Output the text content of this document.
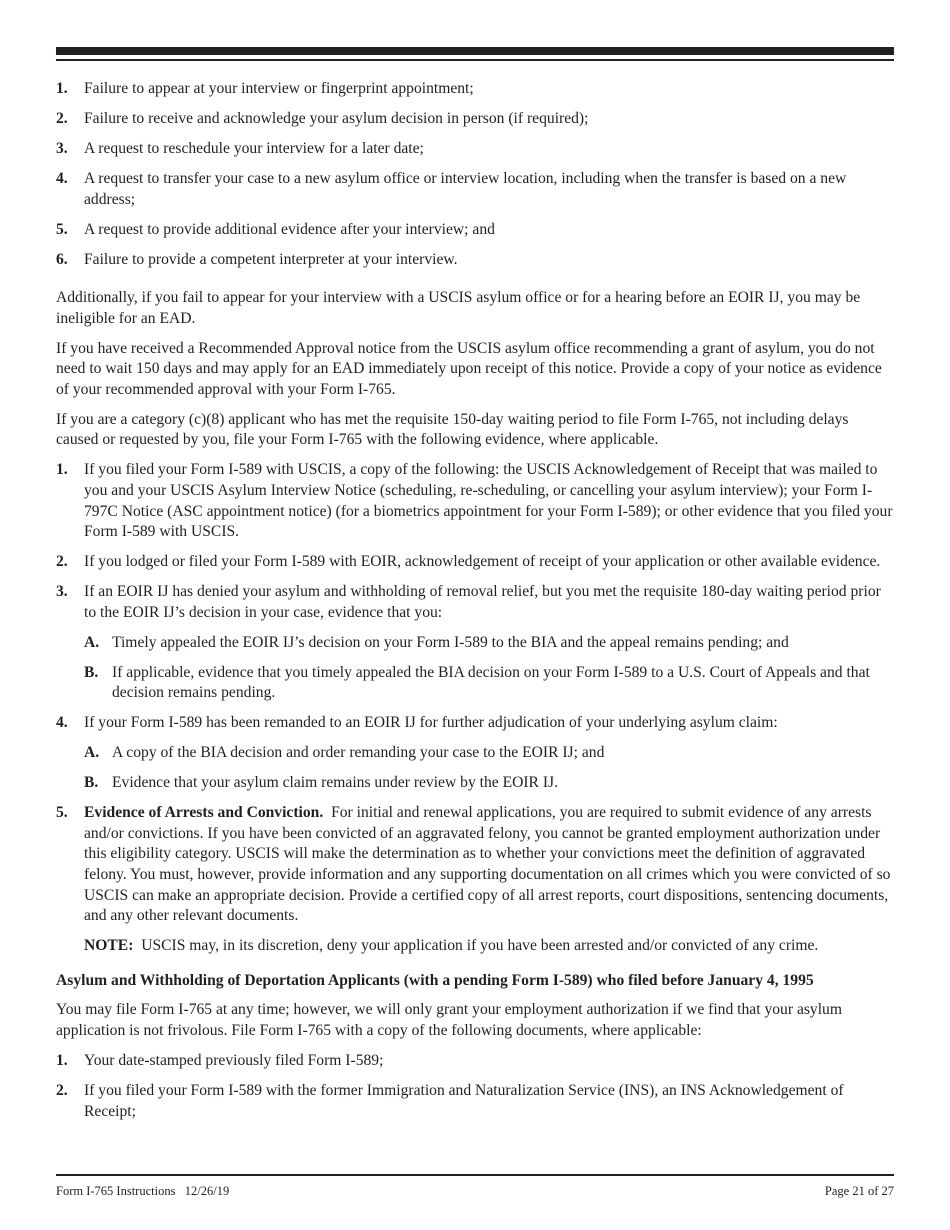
1. Failure to appear at your interview or fingerprint appointment;
2. Failure to receive and acknowledge your asylum decision in person (if required);
3. A request to reschedule your interview for a later date;
4. A request to transfer your case to a new asylum office or interview location, including when the transfer is based on a new address;
5. A request to provide additional evidence after your interview; and
6. Failure to provide a competent interpreter at your interview.

Additionally, if you fail to appear for your interview with a USCIS asylum office or for a hearing before an EOIR IJ, you may be ineligible for an EAD.

If you have received a Recommended Approval notice from the USCIS asylum office recommending a grant of asylum, you do not need to wait 150 days and may apply for an EAD immediately upon receipt of this notice. Provide a copy of your notice as evidence of your recommended approval with your Form I-765.

If you are a category (c)(8) applicant who has met the requisite 150-day waiting period to file Form I-765, not including delays caused or requested by you, file your Form I-765 with the following evidence, where applicable.

1. If you filed your Form I-589 with USCIS, a copy of the following: the USCIS Acknowledgement of Receipt that was mailed to you and your USCIS Asylum Interview Notice (scheduling, re-scheduling, or cancelling your asylum interview); your Form I-797C Notice (ASC appointment notice) (for a biometrics appointment for your Form I-589); or other evidence that you filed your Form I-589 with USCIS.
2. If you lodged or filed your Form I-589 with EOIR, acknowledgement of receipt of your application or other available evidence.
3. If an EOIR IJ has denied your asylum and withholding of removal relief, but you met the requisite 180-day waiting period prior to the EOIR IJ’s decision in your case, evidence that you:
A. Timely appealed the EOIR IJ’s decision on your Form I-589 to the BIA and the appeal remains pending; and
B. If applicable, evidence that you timely appealed the BIA decision on your Form I-589 to a U.S. Court of Appeals and that decision remains pending.
4. If your Form I-589 has been remanded to an EOIR IJ for further adjudication of your underlying asylum claim:
A. A copy of the BIA decision and order remanding your case to the EOIR IJ; and
B. Evidence that your asylum claim remains under review by the EOIR IJ.
5. Evidence of Arrests and Conviction. For initial and renewal applications, you are required to submit evidence of any arrests and/or convictions. If you have been convicted of an aggravated felony, you cannot be granted employment authorization under this eligibility category. USCIS will make the determination as to whether your convictions meet the definition of aggravated felony. You must, however, provide information and any supporting documentation on all crimes which you were convicted of so USCIS can make an appropriate decision. Provide a certified copy of all arrest reports, court dispositions, sentencing documents, and any other relevant documents.
NOTE: USCIS may, in its discretion, deny your application if you have been arrested and/or convicted of any crime.
Asylum and Withholding of Deportation Applicants (with a pending Form I-589) who filed before January 4, 1995

You may file Form I-765 at any time; however, we will only grant your employment authorization if we find that your asylum application is not frivolous. File Form I-765 with a copy of the following documents, where applicable:

1. Your date-stamped previously filed Form I-589;
2. If you filed your Form I-589 with the former Immigration and Naturalization Service (INS), an INS Acknowledgement of Receipt;
Form I-765 Instructions   12/26/19	Page 21 of 27
